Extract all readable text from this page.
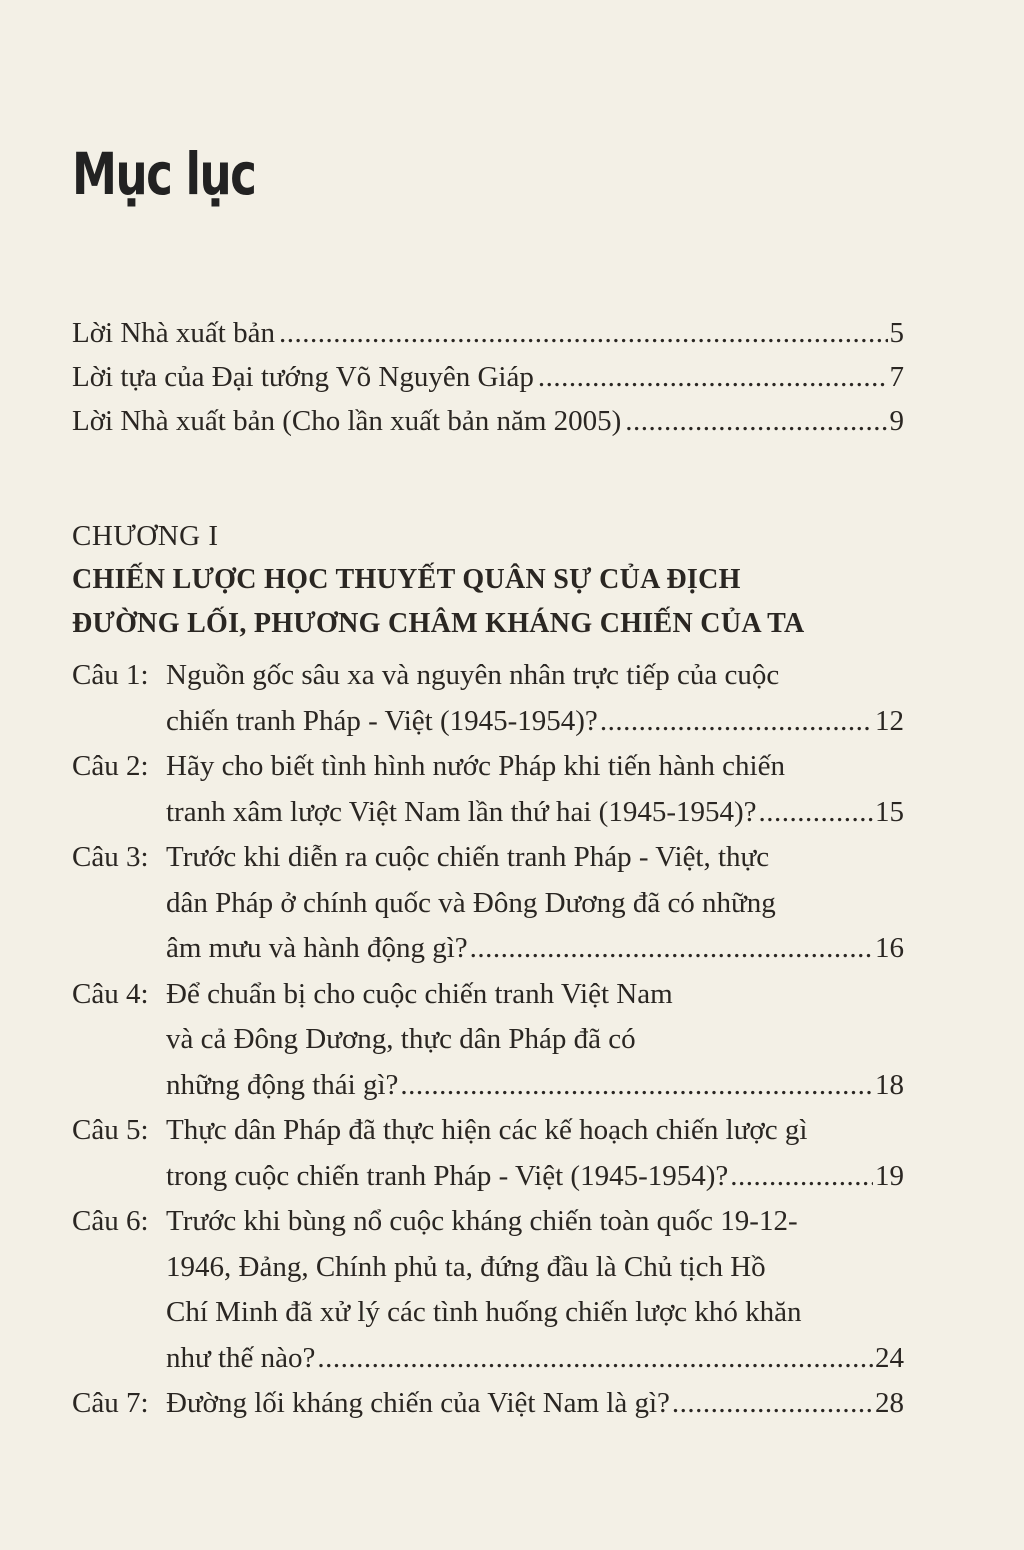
Mục lục
Lời Nhà xuất bản .....	5
Lời tựa của Đại tướng Võ Nguyên Giáp .....	7
Lời Nhà xuất bản (Cho lần xuất bản năm 2005) .....	9
CHƯƠNG I
CHIẾN LƯỢC HỌC THUYẾT QUÂN SỰ CỦA ĐỊCH
ĐƯỜNG LỐI, PHƯƠNG CHÂM KHÁNG CHIẾN CỦA TA
Câu 1: Nguồn gốc sâu xa và nguyên nhân trực tiếp của cuộc
chiến tranh Pháp - Việt (1945-1954)? .....	12
Câu 2: Hãy cho biết tình hình nước Pháp khi tiến hành chiến
tranh xâm lược Việt Nam lần thứ hai (1945-1954)? .....	15
Câu 3: Trước khi diễn ra cuộc chiến tranh Pháp - Việt, thực
dân Pháp ở chính quốc và Đông Dương đã có những
âm mưu và hành động gì? .....	16
Câu 4: Để chuẩn bị cho cuộc chiến tranh Việt Nam
và cả Đông Dương, thực dân Pháp đã có
những động thái gì? .....	18
Câu 5: Thực dân Pháp đã thực hiện các kế hoạch chiến lược gì
trong cuộc chiến tranh Pháp - Việt (1945-1954)? .....	19
Câu 6: Trước khi bùng nổ cuộc kháng chiến toàn quốc 19-12-
1946, Đảng, Chính phủ ta, đứng đầu là Chủ tịch Hồ
Chí Minh đã xử lý các tình huống chiến lược khó khăn
như thế nào? .....	24
Câu 7: Đường lối kháng chiến của Việt Nam là gì? .....	28
